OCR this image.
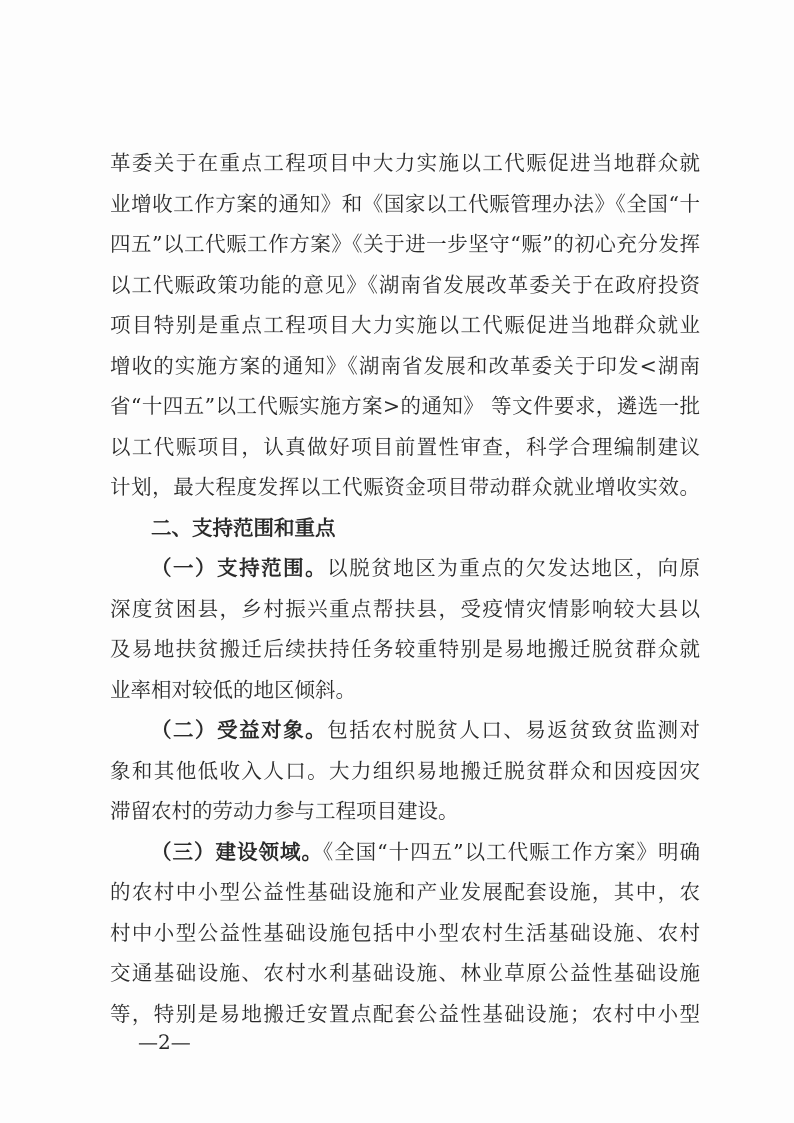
革委关于在重点工程项目中大力实施以工代赈促进当地群众就
业增收工作方案的通知》和《国家以工代赈管理办法》《全国“十
四五”以工代赈工作方案》《关于进一步坚守“赈”的初心充分发挥
以工代赈政策功能的意见》《湖南省发展改革委关于在政府投资
项目特别是重点工程项目大力实施以工代赈促进当地群众就业
增收的实施方案的通知》《湖南省发展和改革委关于印发<湖南
省“十四五”以工代赈实施方案>的通知》 等文件要求，遴选一批
以工代赈项目，认真做好项目前置性审查，科学合理编制建议
计划，最大程度发挥以工代赈资金项目带动群众就业增收实效。
二、支持范围和重点
（一）支持范围。以脱贫地区为重点的欠发达地区，向原
深度贫困县，乡村振兴重点帮扶县，受疫情灾情影响较大县以
及易地扶贫搬迁后续扶持任务较重特别是易地搬迁脱贫群众就
业率相对较低的地区倾斜。
（二）受益对象。包括农村脱贫人口、易返贫致贫监测对
象和其他低收入人口。大力组织易地搬迁脱贫群众和因疫因灾
滞留农村的劳动力参与工程项目建设。
（三）建设领域。《全国“十四五”以工代赈工作方案》明确
的农村中小型公益性基础设施和产业发展配套设施，其中，农
村中小型公益性基础设施包括中小型农村生活基础设施、农村
交通基础设施、农村水利基础设施、林业草原公益性基础设施
等，特别是易地搬迁安置点配套公益性基础设施；农村中小型
—2—
